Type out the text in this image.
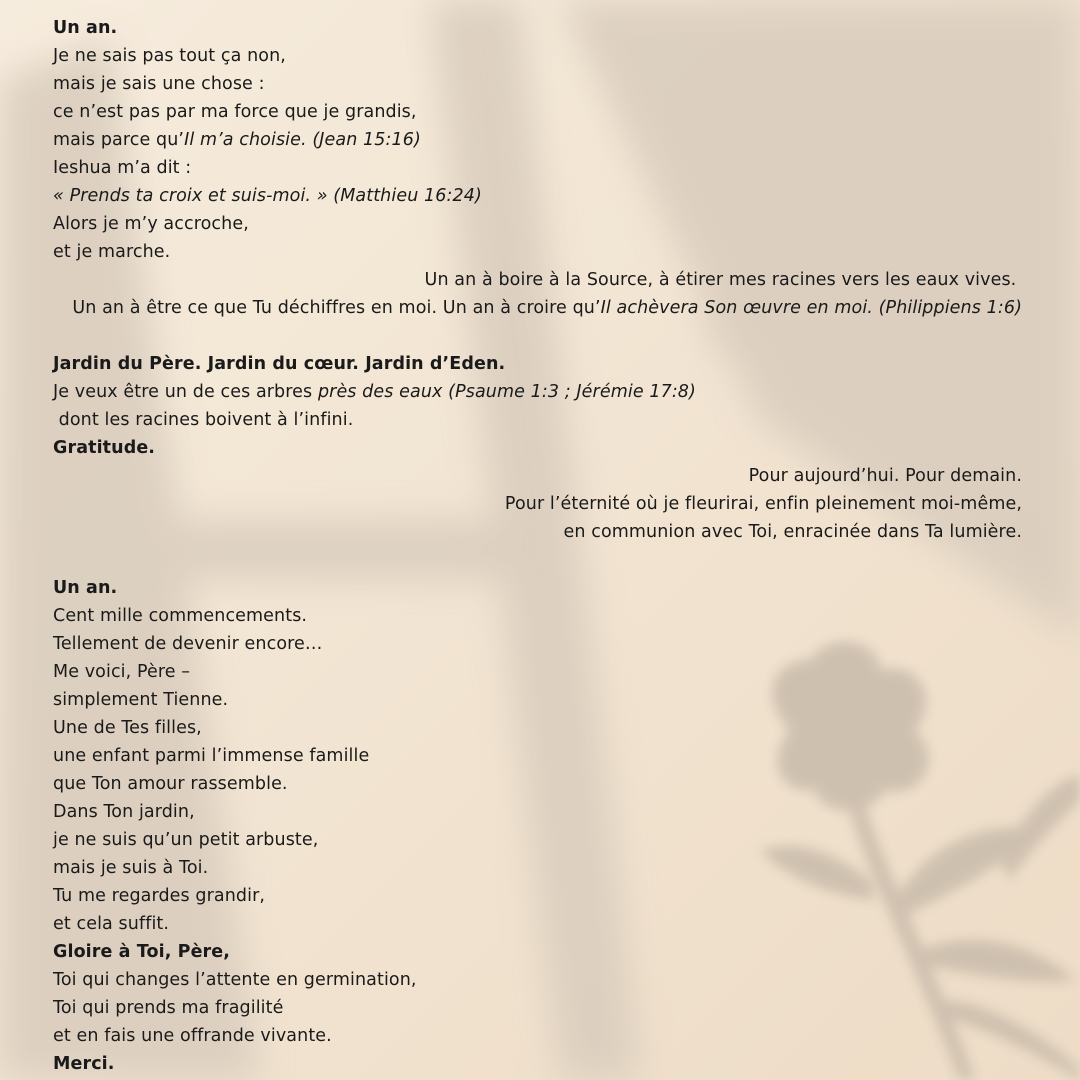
Un an.
Je ne sais pas tout ça non,
mais je sais une chose :
ce n’est pas par ma force que je grandis,
mais parce qu’Il m’a choisie. (Jean 15:16)
Ieshua m’a dit :
« Prends ta croix et suis-moi. » (Matthieu 16:24)
Alors je m’y accroche,
et je marche.
Un an à boire à la Source, à étirer mes racines vers les eaux vives.
Un an à être ce que Tu déchiffres en moi. Un an à croire qu’Il achèvera Son œuvre en moi. (Philippiens 1:6)
Jardin du Père. Jardin du cœur. Jardin d’Eden.
Je veux être un de ces arbres près des eaux (Psaume 1:3 ; Jérémie 17:8)
dont les racines boivent à l’infini.
Gratitude.
Pour aujourd’hui. Pour demain.
Pour l’éternité où je fleurirai, enfin pleinement moi-même,
en communion avec Toi, enracinée dans Ta lumière.
Un an.
Cent mille commencements.
Tellement de devenir encore…
Me voici, Père –
simplement Tienne.
Une de Tes filles,
une enfant parmi l’immense famille
que Ton amour rassemble.
Dans Ton jardin,
je ne suis qu’un petit arbuste,
mais je suis à Toi.
Tu me regardes grandir,
et cela suffit.
Gloire à Toi, Père,
Toi qui changes l’attente en germination,
Toi qui prends ma fragilité
et en fais une offrande vivante.
Merci.
